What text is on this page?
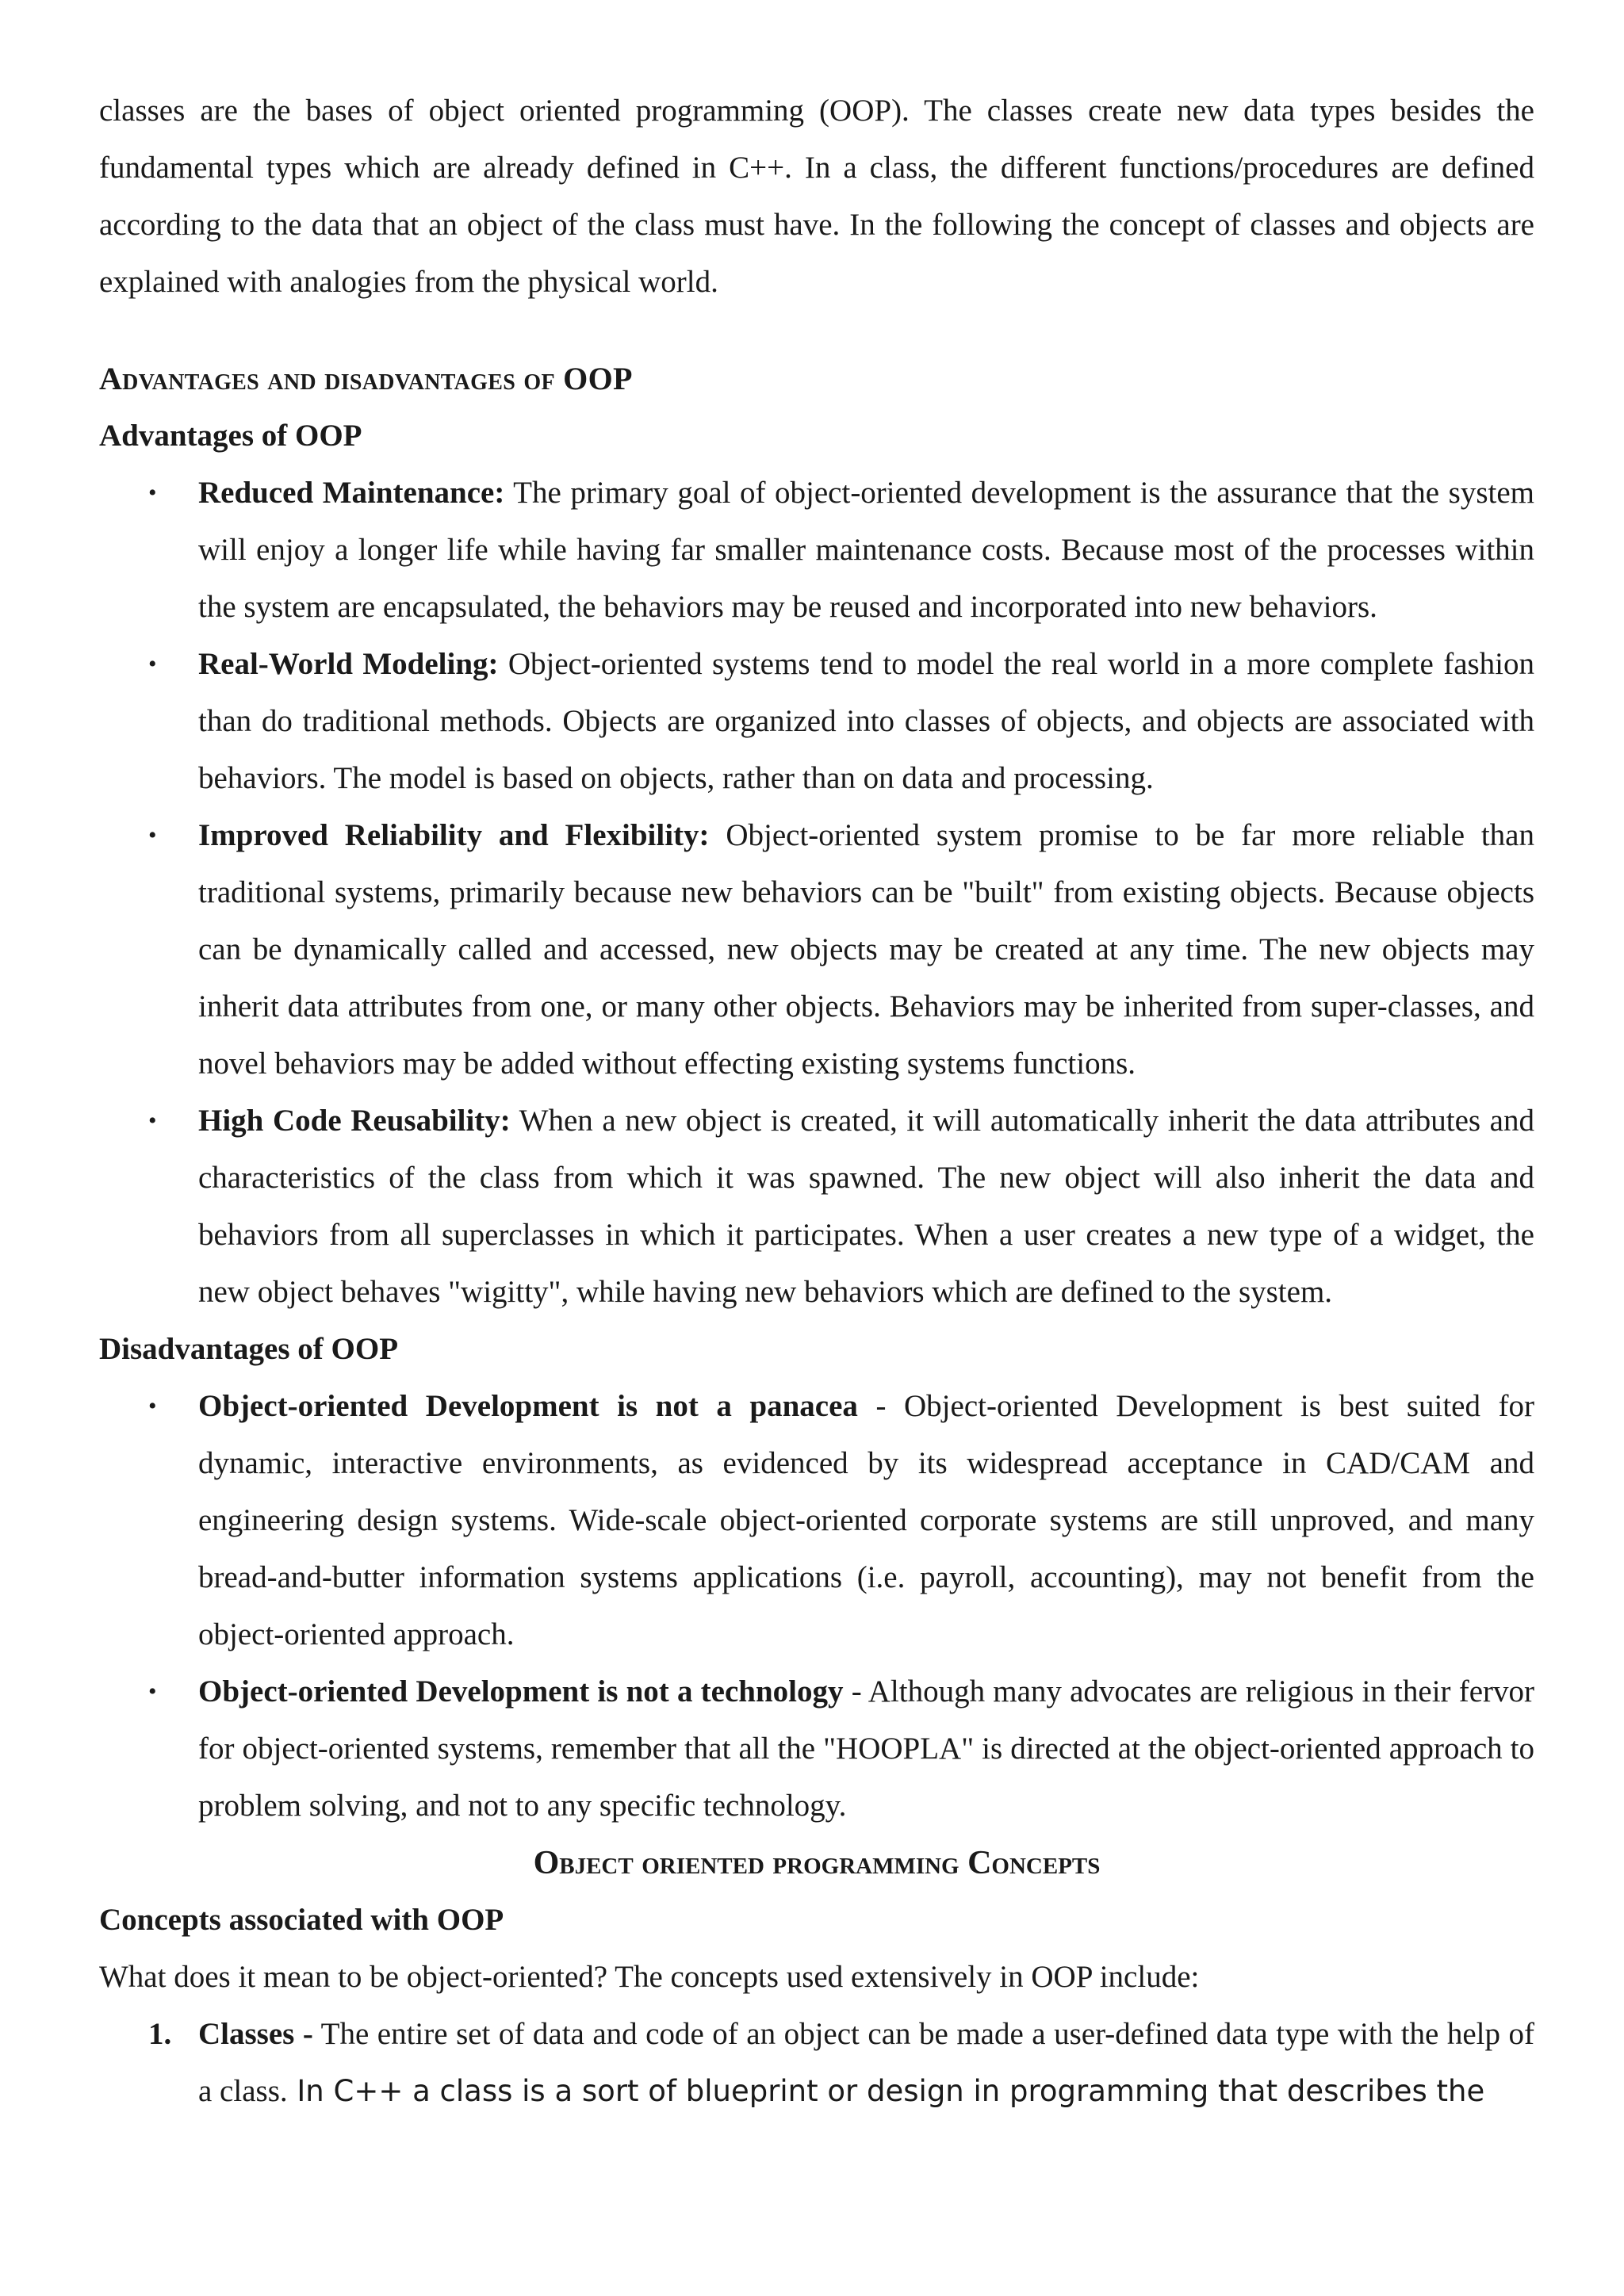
classes are the bases of object oriented programming (OOP). The classes create new data types besides the fundamental types which are already defined in C++. In a class, the different functions/procedures are defined according to the data that an object of the class must have. In the following the concept of classes and objects are explained with analogies from the physical world.

Advantages and disadvantages of OOP
Advantages of OOP
• Reduced Maintenance: The primary goal of object-oriented development is the assurance that the system will enjoy a longer life while having far smaller maintenance costs. Because most of the processes within the system are encapsulated, the behaviors may be reused and incorporated into new behaviors.
• Real-World Modeling: Object-oriented systems tend to model the real world in a more complete fashion than do traditional methods. Objects are organized into classes of objects, and objects are associated with behaviors. The model is based on objects, rather than on data and processing.
• Improved Reliability and Flexibility: Object-oriented system promise to be far more reliable than traditional systems, primarily because new behaviors can be "built" from existing objects. Because objects can be dynamically called and accessed, new objects may be created at any time. The new objects may inherit data attributes from one, or many other objects. Behaviors may be inherited from super-classes, and novel behaviors may be added without effecting existing systems functions.
• High Code Reusability: When a new object is created, it will automatically inherit the data attributes and characteristics of the class from which it was spawned. The new object will also inherit the data and behaviors from all superclasses in which it participates. When a user creates a new type of a widget, the new object behaves "wigitty", while having new behaviors which are defined to the system.
Disadvantages of OOP
• Object-oriented Development is not a panacea - Object-oriented Development is best suited for dynamic, interactive environments, as evidenced by its widespread acceptance in CAD/CAM and engineering design systems. Wide-scale object-oriented corporate systems are still unproved, and many bread-and-butter information systems applications (i.e. payroll, accounting), may not benefit from the object-oriented approach.
• Object-oriented Development is not a technology - Although many advocates are religious in their fervor for object-oriented systems, remember that all the "HOOPLA" is directed at the object-oriented approach to problem solving, and not to any specific technology.
Object oriented programming Concepts
Concepts associated with OOP

What does it mean to be object-oriented? The concepts used extensively in OOP include:

1. Classes - The entire set of data and code of an object can be made a user-defined data type with the help of a class. In C++ a class is a sort of blueprint or design in programming that describes the
